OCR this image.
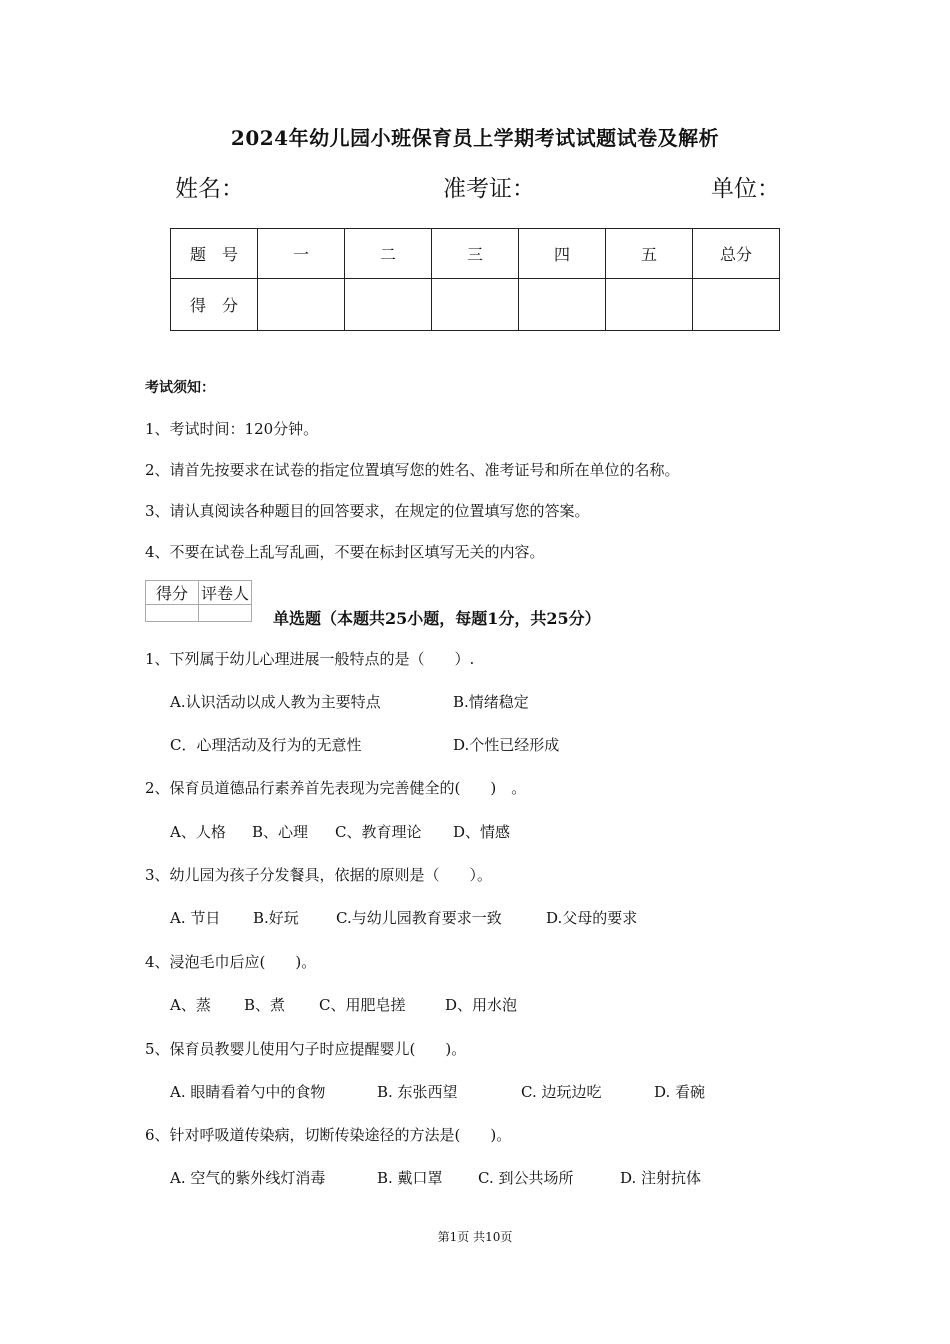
2024年幼儿园小班保育员上学期考试试题试卷及解析
姓名：	准考证：	单位：
题　号	一	二	三	四	五	总分
得　分						
考试须知：
1、考试时间：120分钟。
2、请首先按要求在试卷的指定位置填写您的姓名、准考证号和所在单位的名称。
3、请认真阅读各种题目的回答要求，在规定的位置填写您的答案。
4、不要在试卷上乱写乱画，不要在标封区填写无关的内容。
得分	评卷人

单选题（本题共25小题，每题1分，共25分）
1、下列属于幼儿心理进展一般特点的是（　　）.
A.认识活动以成人教为主要特点	B.情绪稳定
C．心理活动及行为的无意性	D.个性已经形成
2、保育员道德品行素养首先表现为完善健全的(　　)　。
A、人格 B、心理 C、教育理论 D、情感
3、幼儿园为孩子分发餐具，依据的原则是（　　）。
A. 节日 B.好玩 C.与幼儿园教育要求一致	D.父母的要求
4、浸泡毛巾后应(　　)。
A、蒸 B、煮 C、用肥皂搓	D、用水泡
5、保育员教婴儿使用勺子时应提醒婴儿(　　)。
A. 眼睛看着勺中的食物	B. 东张西望	C. 边玩边吃	D. 看碗
6、针对呼吸道传染病，切断传染途径的方法是(　　)。
A. 空气的紫外线灯消毒	B. 戴口罩 C. 到公共场所	D. 注射抗体
第1页 共10页
